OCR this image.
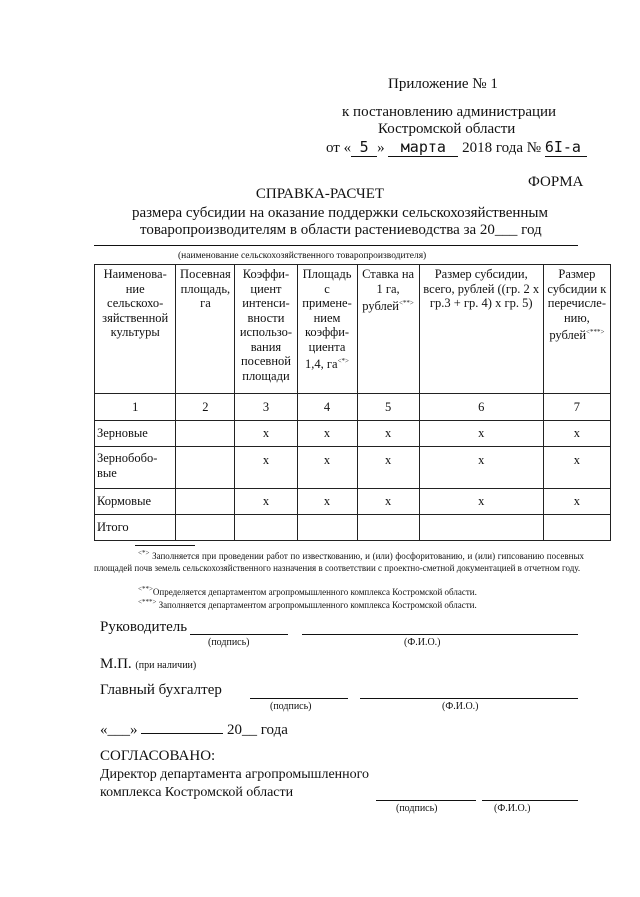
Приложение № 1
к постановлению администрации
Костромской области
от « 5 » марта 2018 года № 6I-а
ФОРМА
СПРАВКА-РАСЧЕТ
размера субсидии на оказание поддержки сельскохозяйственным
товаропроизводителям в области растениеводства за 20___ год
(наименование сельскохозяйственного товаропроизводителя)
Наименова-ние сельскохо-зяйственной культуры	Посевная площадь, га	Коэффи-циент интенси-вности использо-вания посевной площади	Площадь с примене-нием коэффи-циента 1,4, га<*>	Ставка на 1 га, рублей<**>	Размер субсидии, всего, рублей ((гр. 2 х гр.3 + гр. 4) х гр. 5)	Размер субсидии к перечисле-нию, рублей<***>
1	2	3	4	5	6	7
Зерновые		х	х	х	х	х
Зернобобо-вые		х	х	х	х	х
Кормовые		х	х	х	х	х
Итого						
<*> Заполняется при проведении работ по известкованию, и (или) фосфоритованию, и (или) гипсованию посевных площадей почв земель сельскохозяйственного назначения в соответствии с проектно-сметной документацией в отчетном году.
<**>Определяется департаментом агропромышленного комплекса Костромской области.
<***> Заполняется департаментом агропромышленного комплекса Костромской области.
Руководитель
(подпись)	(Ф.И.О.)
М.П. (при наличии)
Главный бухгалтер
(подпись)	(Ф.И.О.)
«___»	20__ года
СОГЛАСОВАНО:
Директор департамента агропромышленного
комплекса Костромской области
(подпись)	(Ф.И.О.)
